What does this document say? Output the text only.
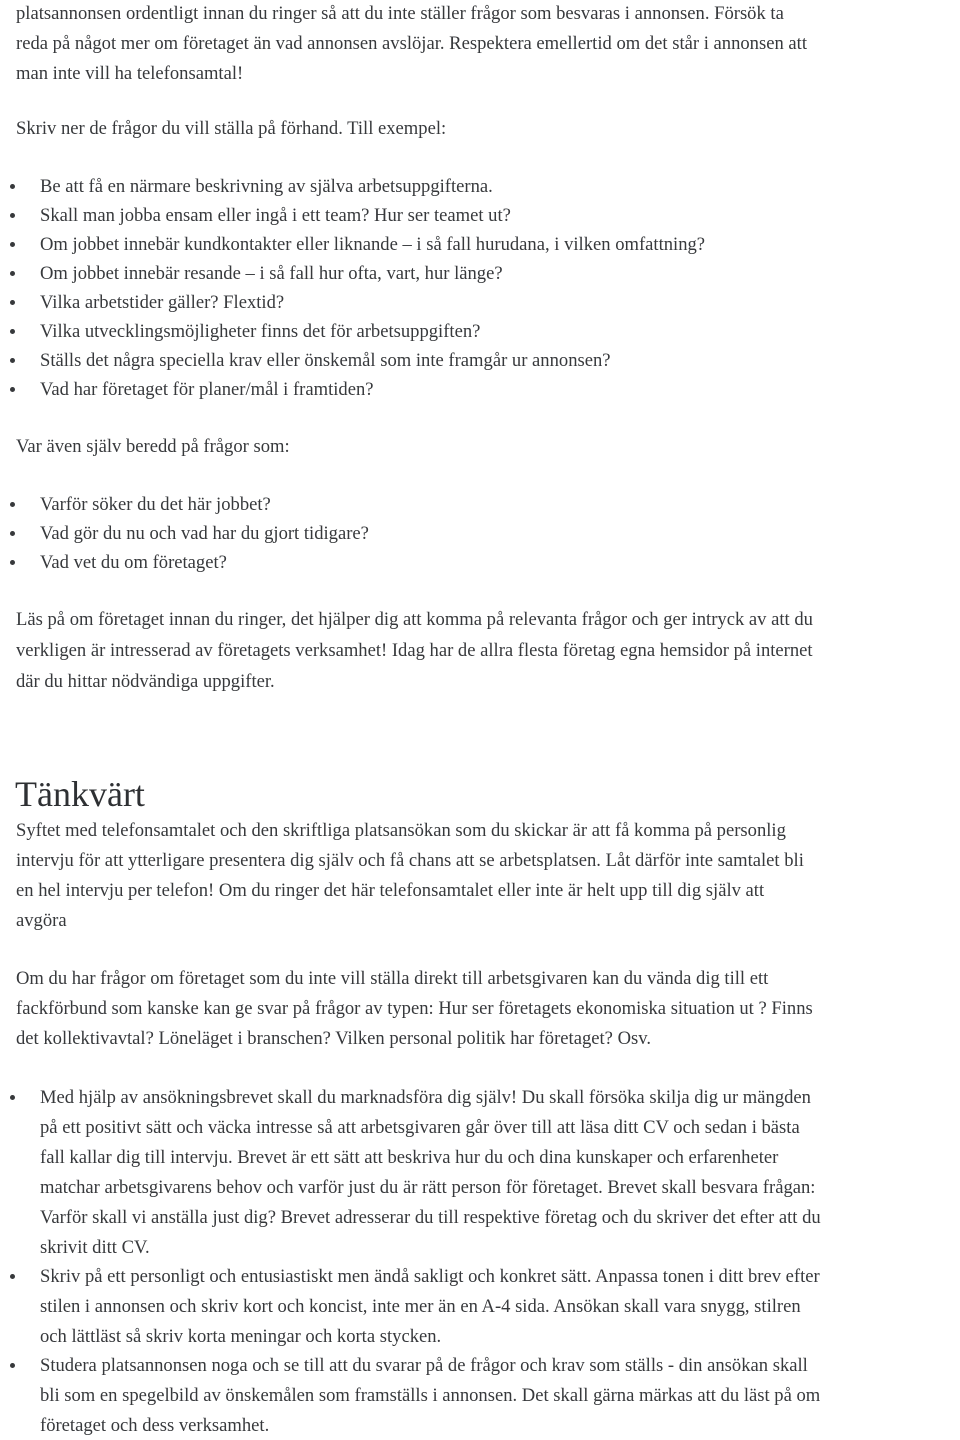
platsannonsen ordentligt innan du ringer så att du inte ställer frågor som besvaras i annonsen. Försök ta
reda på något mer om företaget än vad annonsen avslöjar. Respektera emellertid om det står i annonsen att
man inte vill ha telefonsamtal!
Skriv ner de frågor du vill ställa på förhand. Till exempel:
Be att få en närmare beskrivning av själva arbetsuppgifterna.
Skall man jobba ensam eller ingå i ett team? Hur ser teamet ut?
Om jobbet innebär kundkontakter eller liknande – i så fall hurudana, i vilken omfattning?
Om jobbet innebär resande – i så fall hur ofta, vart, hur länge?
Vilka arbetstider gäller? Flextid?
Vilka utvecklingsmöjligheter finns det för arbetsuppgiften?
Ställs det några speciella krav eller önskemål som inte framgår ur annonsen?
Vad har företaget för planer/mål i framtiden?
Var även själv beredd på frågor som:
Varför söker du det här jobbet?
Vad gör du nu och vad har du gjort tidigare?
Vad vet du om företaget?
Läs på om företaget innan du ringer, det hjälper dig att komma på relevanta frågor och ger intryck av att du
verkligen är intresserad av företagets verksamhet! Idag har de allra flesta företag egna hemsidor på internet
där du hittar nödvändiga uppgifter.
Tänkvärt
Syftet med telefonsamtalet och den skriftliga platsansökan som du skickar är att få komma på personlig
intervju för att ytterligare presentera dig själv och få chans att se arbetsplatsen. Låt därför inte samtalet bli
en hel intervju per telefon! Om du ringer det här telefonsamtalet eller inte är helt upp till dig själv att
avgöra
Om du har frågor om företaget som du inte vill ställa direkt till arbetsgivaren kan du vända dig till ett
fackförbund som kanske kan ge svar på frågor av typen: Hur ser företagets ekonomiska situation ut ? Finns
det kollektivavtal? Löneläget i branschen? Vilken personal politik har företaget? Osv.
Med hjälp av ansökningsbrevet skall du marknadsföra dig själv! Du skall försöka skilja dig ur mängden
på ett positivt sätt och väcka intresse så att arbetsgivaren går över till att läsa ditt CV och sedan i bästa
fall kallar dig till intervju. Brevet är ett sätt att beskriva hur du och dina kunskaper och erfarenheter
matchar arbetsgivarens behov och varför just du är rätt person för företaget. Brevet skall besvara frågan:
Varför skall vi anställa just dig? Brevet adresserar du till respektive företag och du skriver det efter att du
skrivit ditt CV.
Skriv på ett personligt och entusiastiskt men ändå sakligt och konkret sätt. Anpassa tonen i ditt brev efter
stilen i annonsen och skriv kort och koncist, inte mer än en A-4 sida. Ansökan skall vara snygg, stilren
och lättläst så skriv korta meningar och korta stycken.
Studera platsannonsen noga och se till att du svarar på de frågor och krav som ställs - din ansökan skall
bli som en spegelbild av önskemålen som framställs i annonsen. Det skall gärna märkas att du läst på om
företaget och dess verksamhet.
